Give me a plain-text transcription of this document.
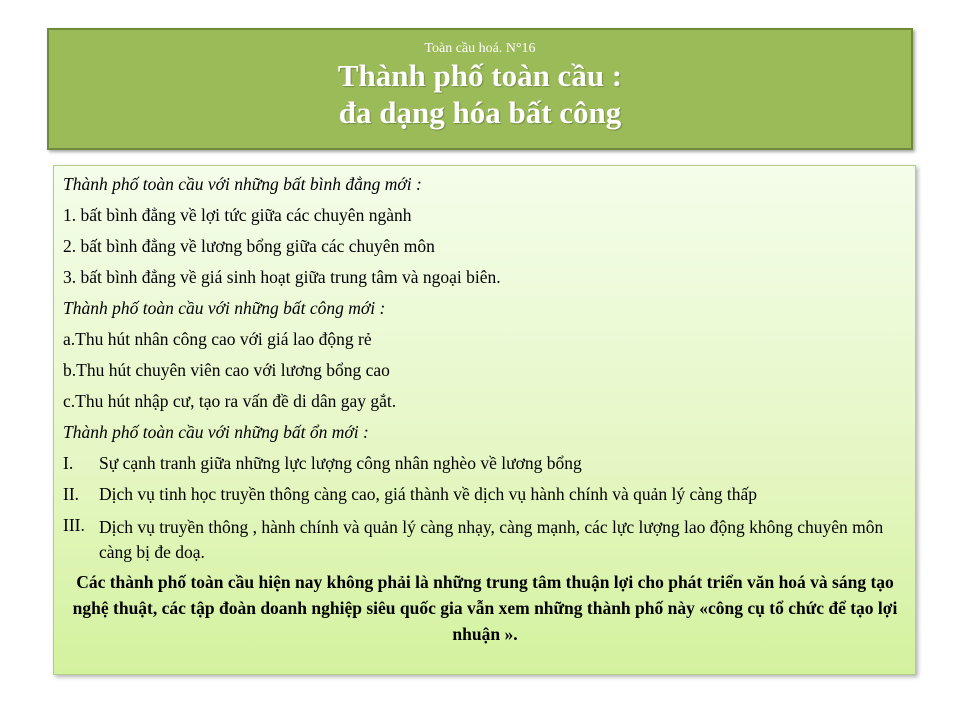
Toàn cầu hoá. N°16
Thành phố toàn cầu :
đa dạng hóa bất công
Thành phố toàn cầu với những bất bình đẳng mới :
1. bất bình đẳng về lợi tức giữa các chuyên ngành
2. bất bình đẳng về lương bổng giữa các chuyên môn
3. bất bình đẳng về giá sinh hoạt giữa trung tâm và ngoại biên.
Thành phố toàn cầu với những bất công mới :
a.Thu hút nhân công cao với giá lao động rẻ
b.Thu hút chuyên viên cao với lương bổng cao
c.Thu hút nhập cư, tạo ra vấn đề di dân gay gắt.
Thành phố toàn cầu với những bất ổn mới :
I.	Sự cạnh tranh giữa những lực lượng công nhân nghèo về lương bổng
II.	Dịch vụ tinh học truyền thông càng cao, giá thành về dịch vụ hành chính và quản lý càng thấp
III. Dịch vụ truyền thông , hành chính và quản lý càng nhạy, càng mạnh, các lực lượng lao động không chuyên môn càng bị đe doạ.
Các thành phố toàn cầu hiện nay không phải là những trung tâm thuận lợi cho phát triển văn hoá và sáng tạo nghệ thuật, các tập đoàn doanh nghiệp siêu quốc gia vẫn xem những thành phố này «công cụ tổ chức để tạo lợi nhuận ».
